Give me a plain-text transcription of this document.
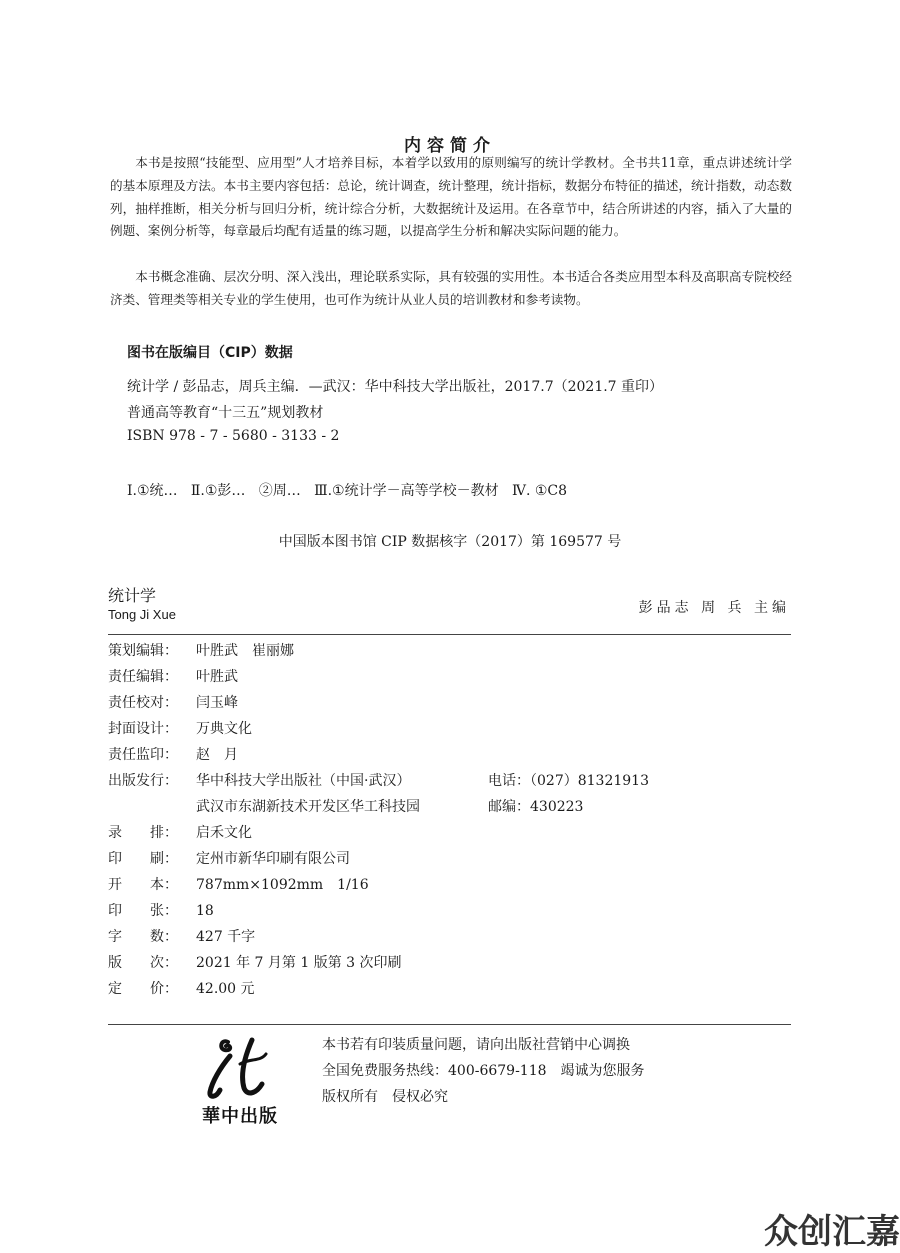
内容简介

本书是按照“技能型、应用型”人才培养目标，本着学以致用的原则编写的统计学教材。全书共11章，重点讲述统计学的基本原理及方法。本书主要内容包括：总论，统计调查，统计整理，统计指标，数据分布特征的描述，统计指数，动态数列，抽样推断，相关分析与回归分析，统计综合分析，大数据统计及运用。在各章节中，结合所讲述的内容，插入了大量的例题、案例分析等，每章最后均配有适量的练习题，以提高学生分析和解决实际问题的能力。

本书概念准确、层次分明、深入浅出，理论联系实际，具有较强的实用性。本书适合各类应用型本科及高职高专院校经济类、管理类等相关专业的学生使用，也可作为统计从业人员的培训教材和参考读物。

图书在版编目（CIP）数据
统计学 / 彭品志，周兵主编．—武汉：华中科技大学出版社，2017.7（2021.7 重印）
普通高等教育“十三五”规划教材
ISBN 978 - 7 - 5680 - 3133 - 2
Ⅰ.①统…   Ⅱ.①彭…   ②周…   Ⅲ.①统计学－高等学校－教材   Ⅳ. ①C8
中国版本图书馆 CIP 数据核字（2017）第 169577 号
统计学
Tong Ji Xue	彭品志 周 兵 主编
策划编辑： 叶胜武　崔丽娜
责任编辑： 叶胜武
责任校对： 闫玉峰
封面设计： 万典文化
责任监印： 赵　月
出版发行： 华中科技大学出版社（中国·武汉）	电话：（027）81321913
武汉市东湖新技术开发区华工科技园	邮编：430223
录　　排： 启禾文化
印　　刷： 定州市新华印刷有限公司
开　　本： 787mm×1092mm　1/16
印　　张： 18
字　　数： 427 千字
版　　次： 2021 年 7 月第 1 版第 3 次印刷
定　　价： 42.00 元
華中出版
本书若有印装质量问题，请向出版社营销中心调换
全国免费服务热线：400-6679-118　竭诚为您服务
版权所有　侵权必究
众创汇嘉
